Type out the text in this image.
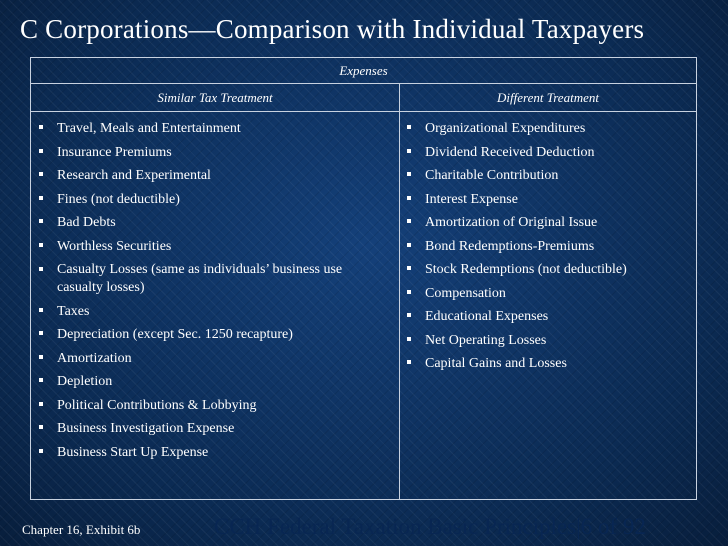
C Corporations—Comparison with Individual Taxpayers
Expenses
Similar Tax Treatment	Different Treatment
Travel, Meals and Entertainment
Insurance Premiums
Research and Experimental
Fines (not deductible)
Bad Debts
Worthless Securities
Casualty Losses (same as individuals’ business use casualty losses)
Taxes
Depreciation (except Sec. 1250 recapture)
Amortization
Depletion
Political Contributions & Lobbying
Business Investigation Expense
Business Start Up Expense
Organizational Expenditures
Dividend Received Deduction
Charitable Contribution
Interest Expense
Amortization of Original Issue
Bond Redemptions-Premiums
Stock Redemptions (not deductible)
Compensation
Educational Expenses
Net Operating Losses
Capital Gains and Losses
Chapter 16, Exhibit 6b	CCH Federal Taxation Basic Principles|6 of 92
